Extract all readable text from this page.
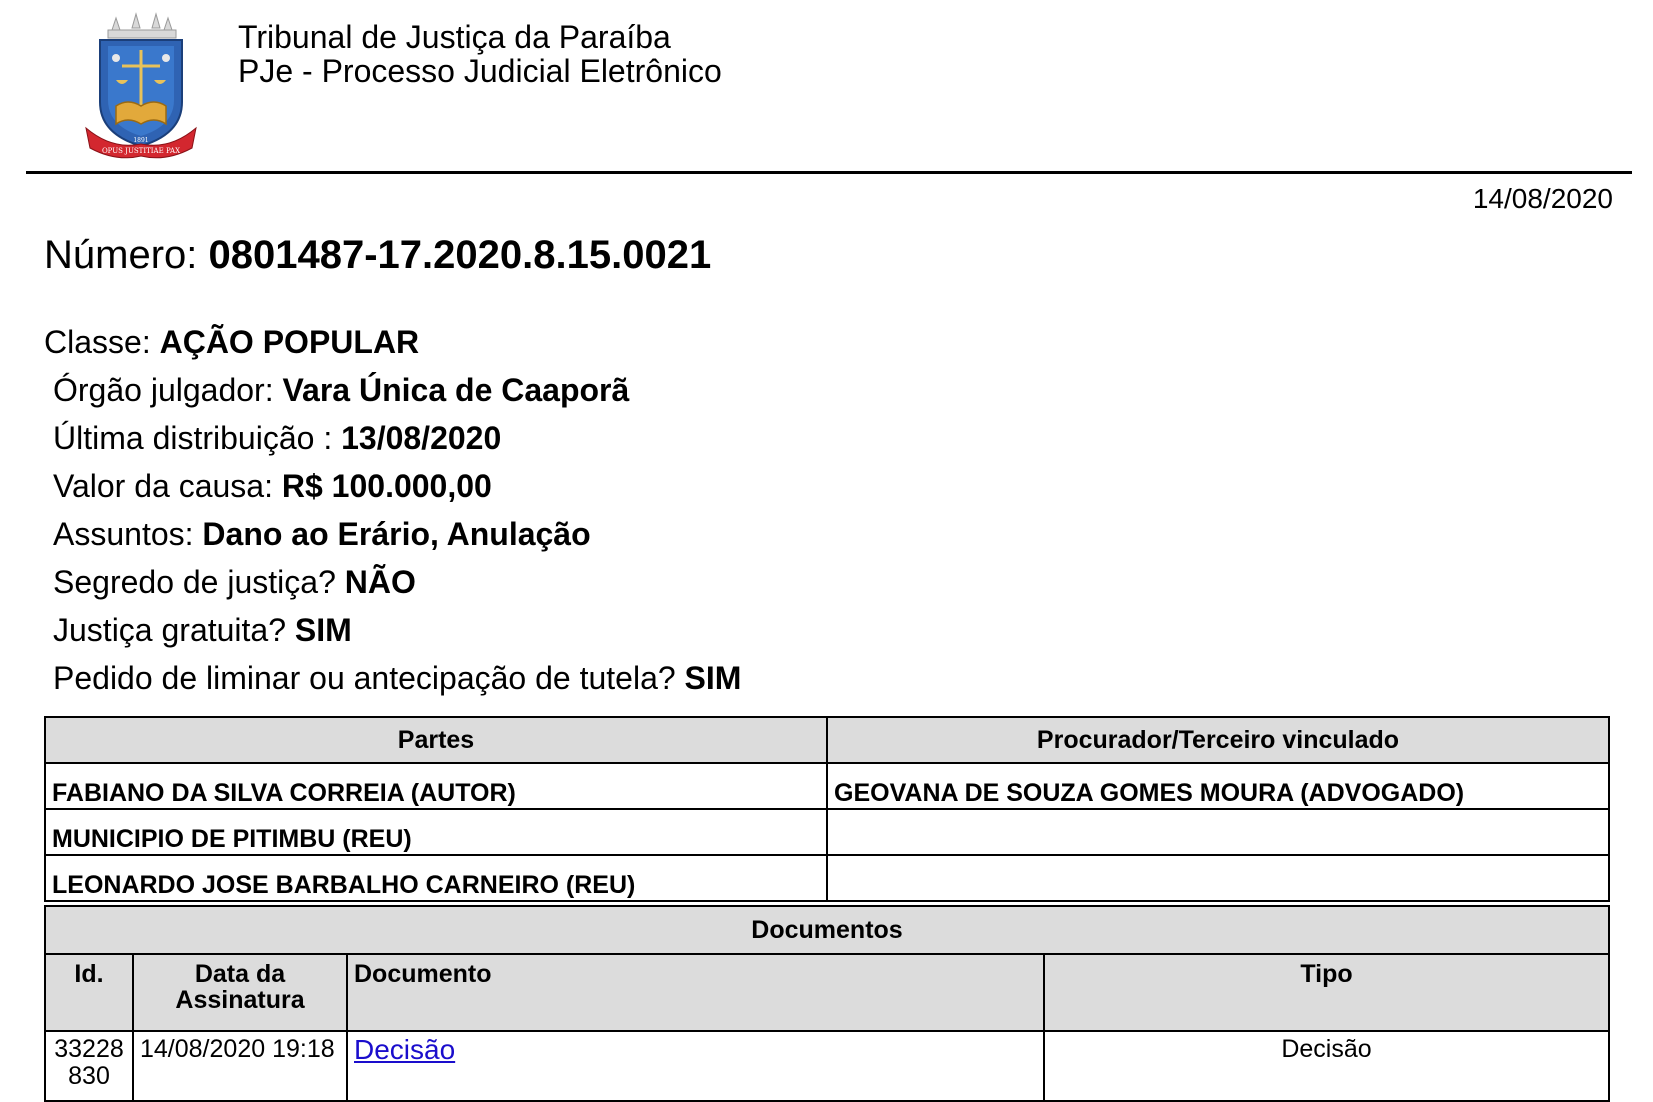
1891
OPUS JUSTITIAE PAX
Tribunal de Justiça da Paraíba
PJe - Processo Judicial Eletrônico
14/08/2020
Número: 0801487-17.2020.8.15.0021
Classe: AÇÃO POPULAR
Órgão julgador: Vara Única de Caaporã
Última distribuição : 13/08/2020
Valor da causa: R$ 100.000,00
Assuntos: Dano ao Erário, Anulação
Segredo de justiça? NÃO
Justiça gratuita? SIM
Pedido de liminar ou antecipação de tutela? SIM
Partes	Procurador/Terceiro vinculado
FABIANO DA SILVA CORREIA (AUTOR)	GEOVANA DE SOUZA GOMES MOURA (ADVOGADO)
MUNICIPIO DE PITIMBU (REU)	
LEONARDO JOSE BARBALHO CARNEIRO (REU)	
Documentos			
Id.	Data da Assinatura	Documento	Tipo
33228830	14/08/2020 19:18	Decisão	Decisão
